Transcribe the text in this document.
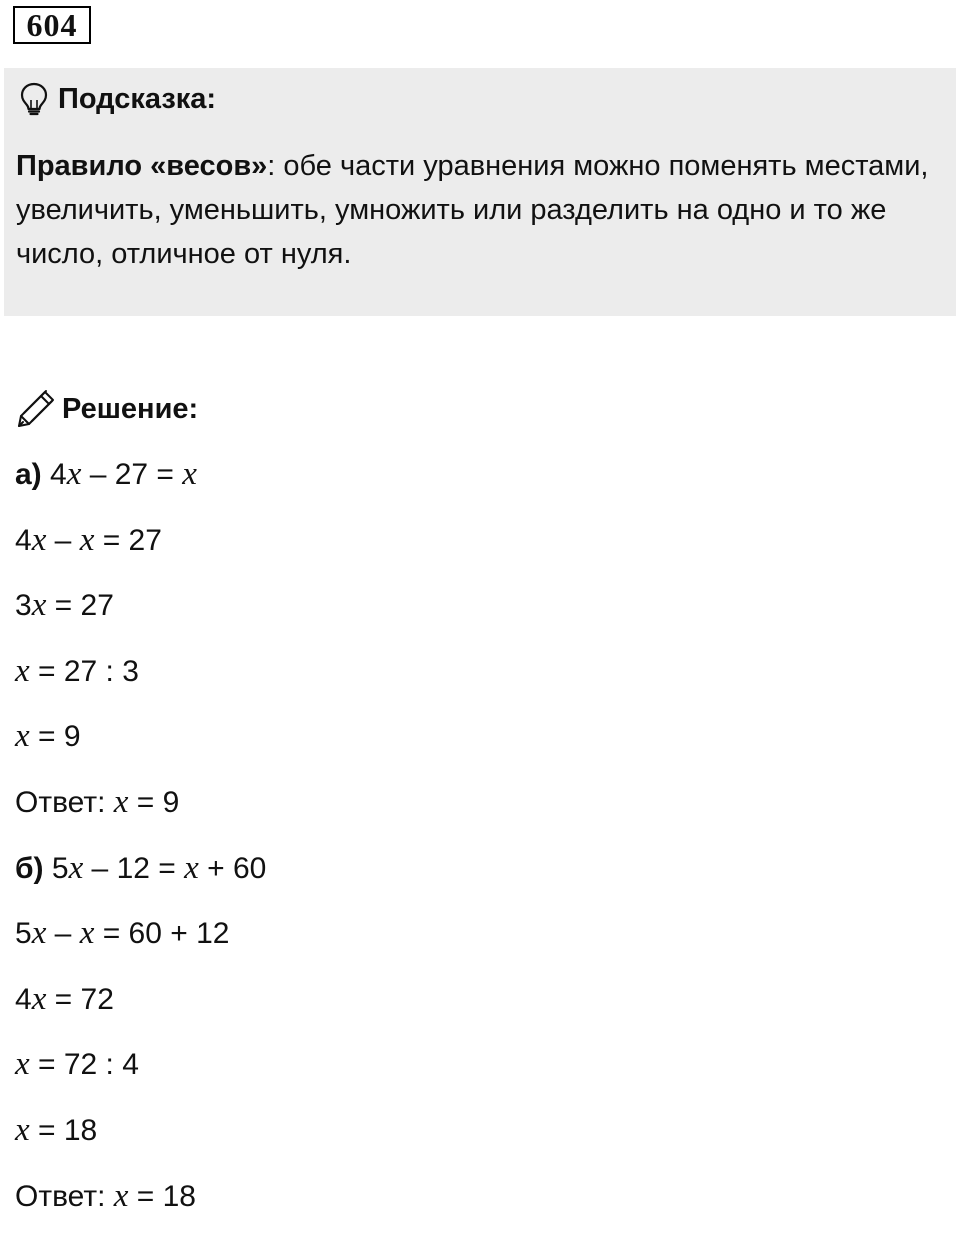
604
Подсказка:
Правило «весов»: обе части уравнения можно поменять местами, увеличить, уменьшить, умножить или разделить на одно и то же число, отличное от нуля.
Решение:
а) 4x – 27 = x
4x – x = 27
3x = 27
x = 27 : 3
x = 9
Ответ: x = 9
б) 5x – 12 = x + 60
5x – x = 60 + 12
4x = 72
x = 72 : 4
x = 18
Ответ: x = 18
